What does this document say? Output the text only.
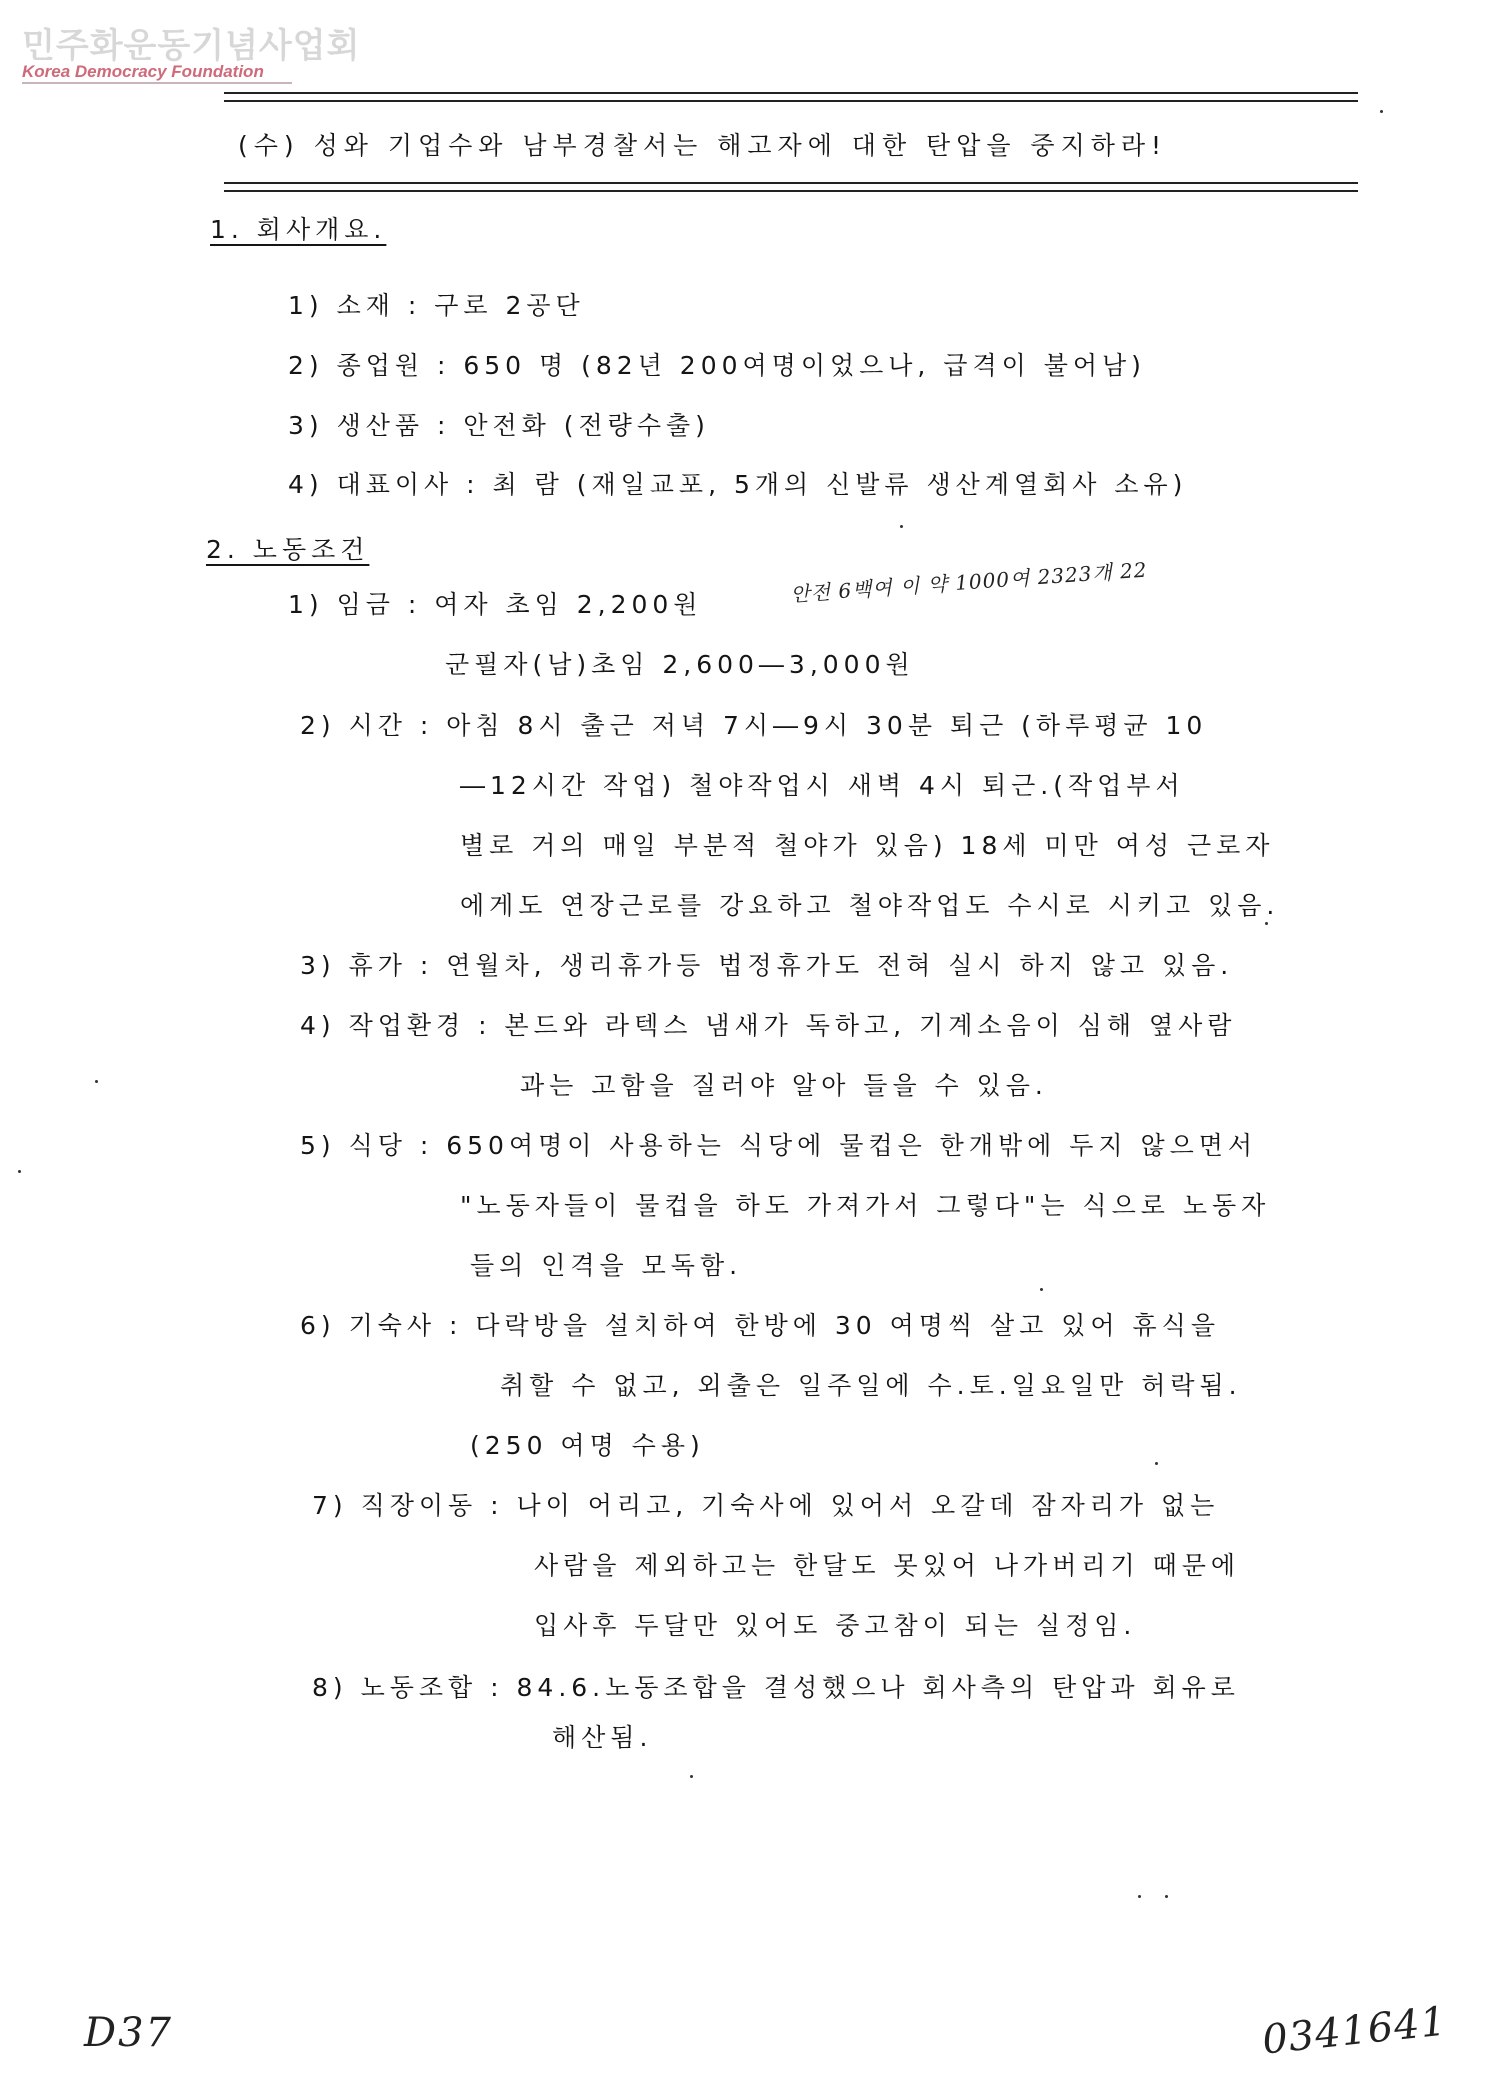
민주화운동기념사업회
Korea Democracy Foundation
(수) 성와 기업수와 남부경찰서는 해고자에 대한 탄압을 중지하라!
1. 회사개요.
1) 소재 : 구로 2공단
2) 종업원 : 650 명 (82년 200여명이었으나, 급격이 불어남)
3) 생산품 : 안전화 (전량수출)
4) 대표이사 : 최 람 (재일교포, 5개의 신발류 생산계열회사 소유)
2. 노동조건
안전 6백여 이 약 1000여 2323개 22
1) 임금 : 여자 초임 2,200원
군필자(남)초임 2,600―3,000원
2) 시간 : 아침 8시 출근 저녁 7시―9시 30분 퇴근 (하루평균 10
―12시간 작업) 철야작업시 새벽 4시 퇴근.(작업부서
별로 거의 매일 부분적 철야가 있음) 18세 미만 여성 근로자
에게도 연장근로를 강요하고 철야작업도 수시로 시키고 있음.
3) 휴가 : 연월차, 생리휴가등 법정휴가도 전혀 실시 하지 않고 있음.
4) 작업환경 : 본드와 라텍스 냄새가 독하고, 기계소음이 심해 옆사람
과는 고함을 질러야 알아 들을 수 있음.
5) 식당 : 650여명이 사용하는 식당에 물컵은 한개밖에 두지 않으면서
"노동자들이 물컵을 하도 가져가서 그렇다"는 식으로 노동자
들의 인격을 모독함.
6) 기숙사 : 다락방을 설치하여 한방에 30 여명씩 살고 있어 휴식을
취할 수 없고, 외출은 일주일에 수.토.일요일만 허락됨.
(250 여명 수용)
7) 직장이동 : 나이 어리고, 기숙사에 있어서 오갈데 잠자리가 없는
사람을 제외하고는 한달도 못있어 나가버리기 때문에
입사후 두달만 있어도 중고참이 되는 실정임.
8) 노동조합 : 84.6.노동조합을 결성했으나 회사측의 탄압과 회유로
해산됨.
D37	0341641
